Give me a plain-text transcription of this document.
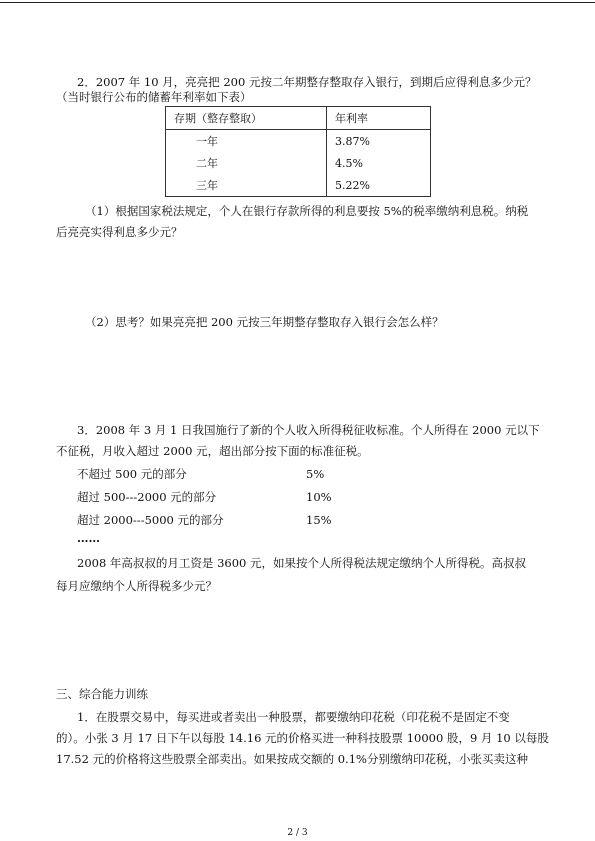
2．2007 年 10 月，亮亮把 200 元按二年期整存整取存入银行，到期后应得利息多少元？
（当时银行公布的储蓄年利率如下表）
存期（整存整取）	年利率
一年	3.87%
二年	4.5%
三年	5.22%
（1）根据国家税法规定，个人在银行存款所得的利息要按 5%的税率缴纳利息税。纳税
后亮亮实得利息多少元？
（2）思考？如果亮亮把 200 元按三年期整存整取存入银行会怎么样？
3．2008 年 3 月 1 日我国施行了新的个人收入所得税征收标准。个人所得在 2000 元以下
不征税，月收入超过 2000 元，超出部分按下面的标准征税。
不超过 500 元的部分	5%
超过 500---2000 元的部分	10%
超过 2000---5000 元的部分	15%
……
2008 年高叔叔的月工资是 3600 元，如果按个人所得税法规定缴纳个人所得税。高叔叔
每月应缴纳个人所得税多少元？
三、综合能力训练
1．在股票交易中，每买进或者卖出一种股票，都要缴纳印花税（印花税不是固定不变
的）。小张 3 月 17 日下午以每股 14.16 元的价格买进一种科技股票 10000 股，9 月 10 以每股
17.52 元的价格将这些股票全部卖出。如果按成交额的 0.1%分别缴纳印花税，小张买卖这种
2 / 3
